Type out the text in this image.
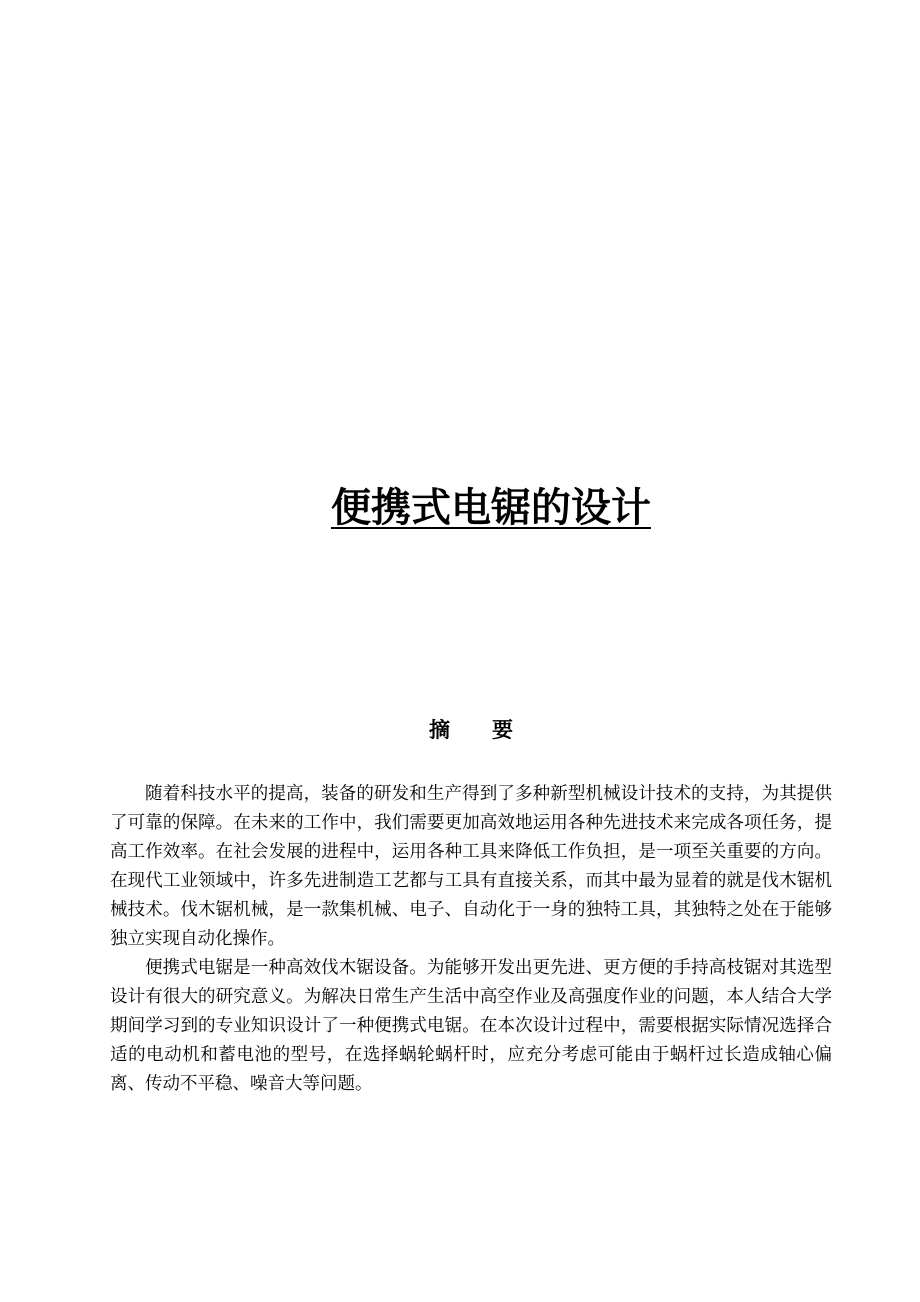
便携式电锯的设计
摘　　要

随着科技水平的提高，装备的研发和生产得到了多种新型机械设计技术的支持，为其提供了可靠的保障。在未来的工作中，我们需要更加高效地运用各种先进技术来完成各项任务，提高工作效率。在社会发展的进程中，运用各种工具来降低工作负担，是一项至关重要的方向。在现代工业领域中，许多先进制造工艺都与工具有直接关系，而其中最为显着的就是伐木锯机械技术。伐木锯机械，是一款集机械、电子、自动化于一身的独特工具，其独特之处在于能够独立实现自动化操作。

便携式电锯是一种高效伐木锯设备。为能够开发出更先进、更方便的手持高枝锯对其选型设计有很大的研究意义。为解决日常生产生活中高空作业及高强度作业的问题，本人结合大学期间学习到的专业知识设计了一种便携式电锯。在本次设计过程中，需要根据实际情况选择合适的电动机和蓄电池的型号，在选择蜗轮蜗杆时，应充分考虑可能由于蜗杆过长造成轴心偏离、传动不平稳、噪音大等问题。
